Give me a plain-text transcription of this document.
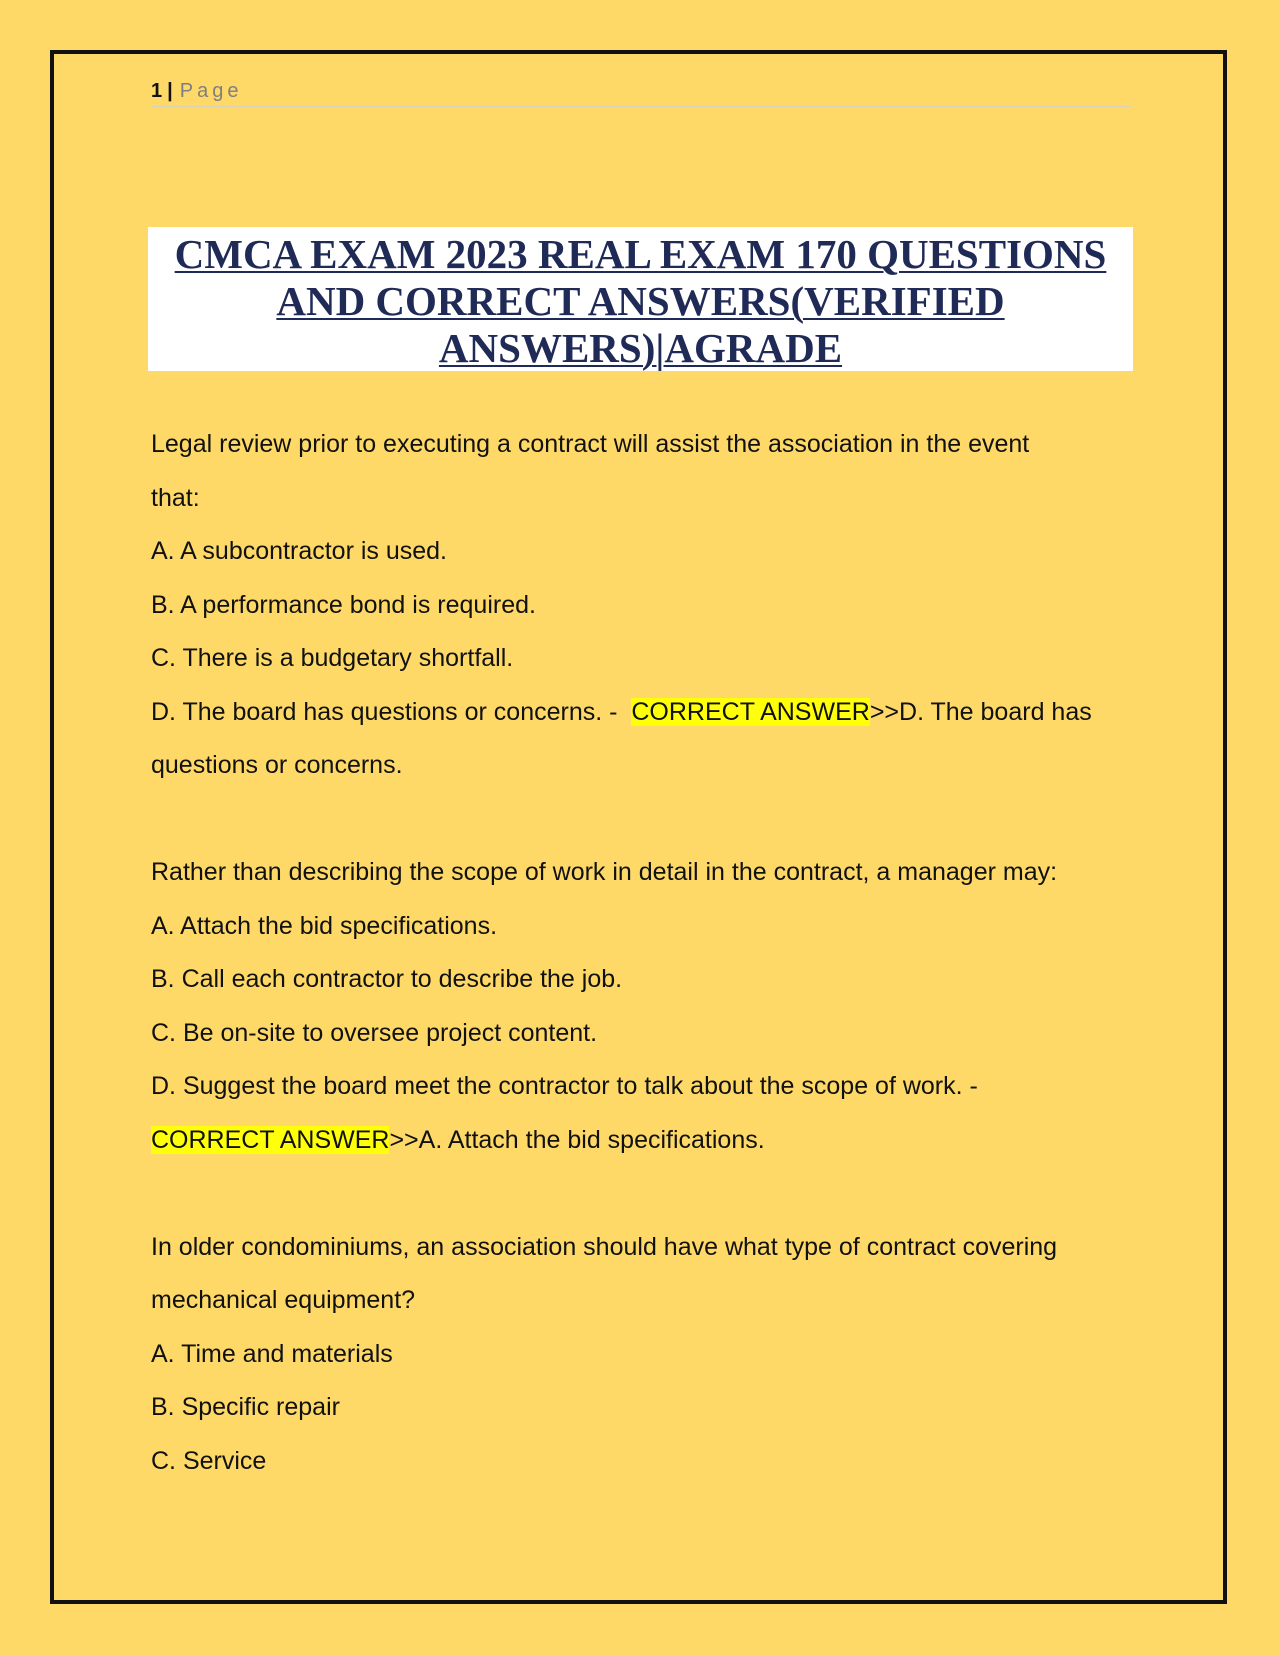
1 | Page
CMCA EXAM 2023 REAL EXAM 170 QUESTIONS
AND CORRECT ANSWERS(VERIFIED
ANSWERS)|AGRADE
Legal review prior to executing a contract will assist the association in the event
that:
A. A subcontractor is used.
B. A performance bond is required.
C. There is a budgetary shortfall.
D. The board has questions or concerns. -  CORRECT ANSWER>>D. The board has
questions or concerns.
Rather than describing the scope of work in detail in the contract, a manager may:
A. Attach the bid specifications.
B. Call each contractor to describe the job.
C. Be on-site to oversee project content.
D. Suggest the board meet the contractor to talk about the scope of work. -
CORRECT ANSWER>>A. Attach the bid specifications.
In older condominiums, an association should have what type of contract covering
mechanical equipment?
A. Time and materials
B. Specific repair
C. Service
